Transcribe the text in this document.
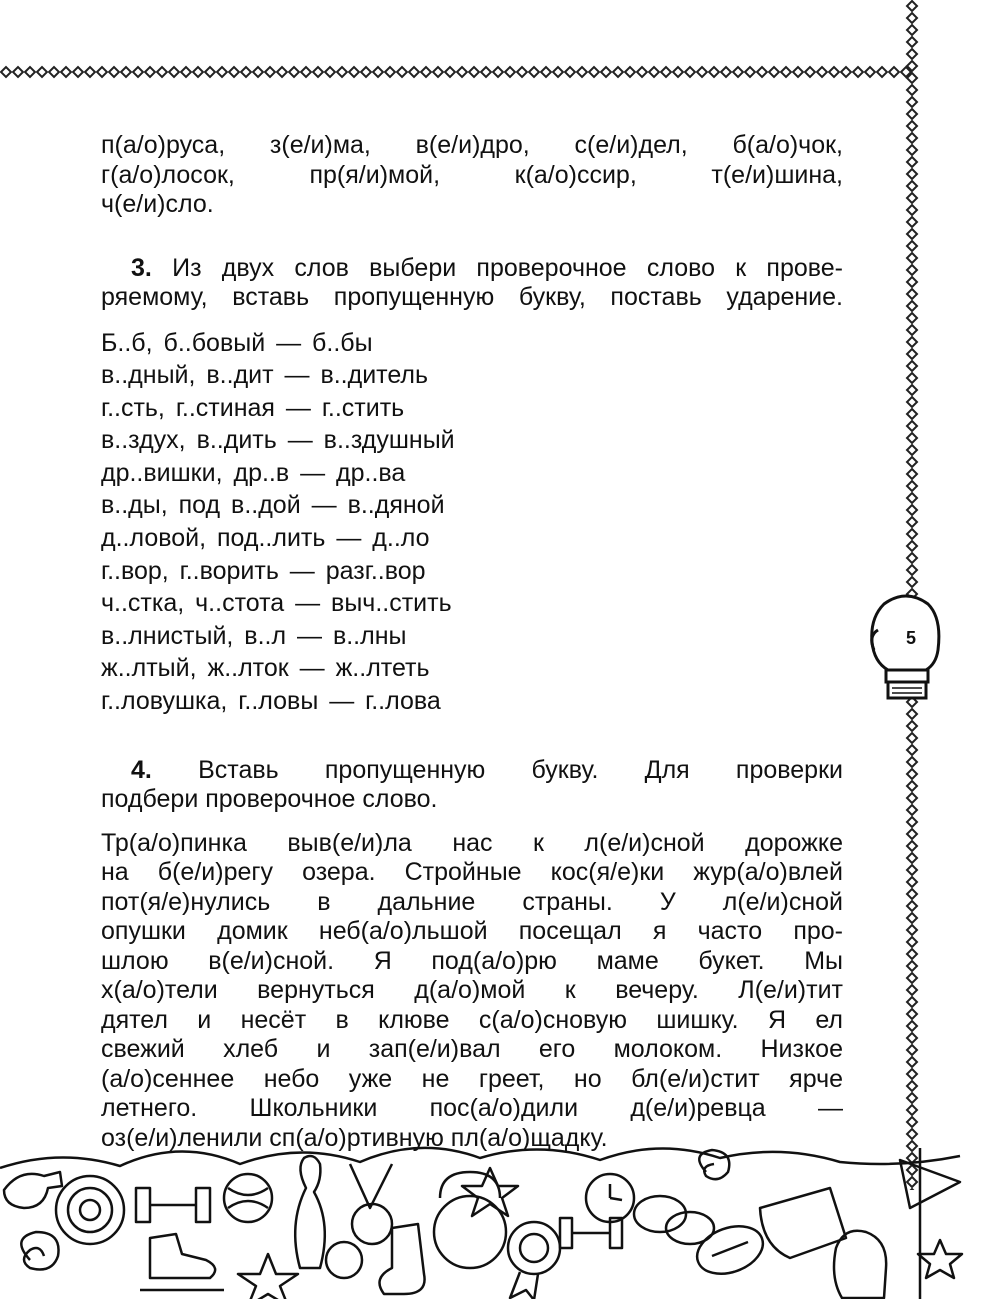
5

п(а/о)руса, з(е/и)ма, в(е/и)дро, с(е/и)дел, б(а/о)чок,

г(а/о)лосок, пр(я/и)мой, к(а/о)ссир, т(е/и)шина,

ч(е/и)сло.

3. Из двух слов выбери проверочное слово к прове-

ряемому, вставь пропущенную букву, поставь ударение.

Б..б, б..бовый — б..бы
в..дный, в..дит — в..дитель
г..сть, г..стиная — г..стить
в..здух, в..дить — в..здушный
др..вишки, др..в — др..ва
в..ды, под в..дой — в..дяной
д..ловой, под..лить — д..ло
г..вор, г..ворить — разг..вор
ч..стка, ч..стота — выч..стить
в..лнистый, в..л — в..лны
ж..лтый, ж..лток — ж..лтеть
г..ловушка, г..ловы — г..лова

4. Вставь пропущенную букву. Для проверки

подбери проверочное слово.

Тр(а/о)пинка выв(е/и)ла нас к л(е/и)сной дорожке

на б(е/и)регу озера. Стройные кос(я/е)ки жур(а/о)влей

пот(я/е)нулись в дальние страны. У л(е/и)сной

опушки домик неб(а/о)льшой посещал я часто про-

шлою в(е/и)сной. Я под(а/о)рю маме букет. Мы

х(а/о)тели вернуться д(а/о)мой к вечеру. Л(е/и)тит

дятел и несёт в клюве с(а/о)сновую шишку. Я ел

свежий хлеб и зап(е/и)вал его молоком. Низкое

(а/о)сеннее небо уже не греет, но бл(е/и)стит ярче

летнего. Школьники пос(а/о)дили д(е/и)ревца —

оз(е/и)ленили сп(а/о)ртивную пл(а/о)щадку.
